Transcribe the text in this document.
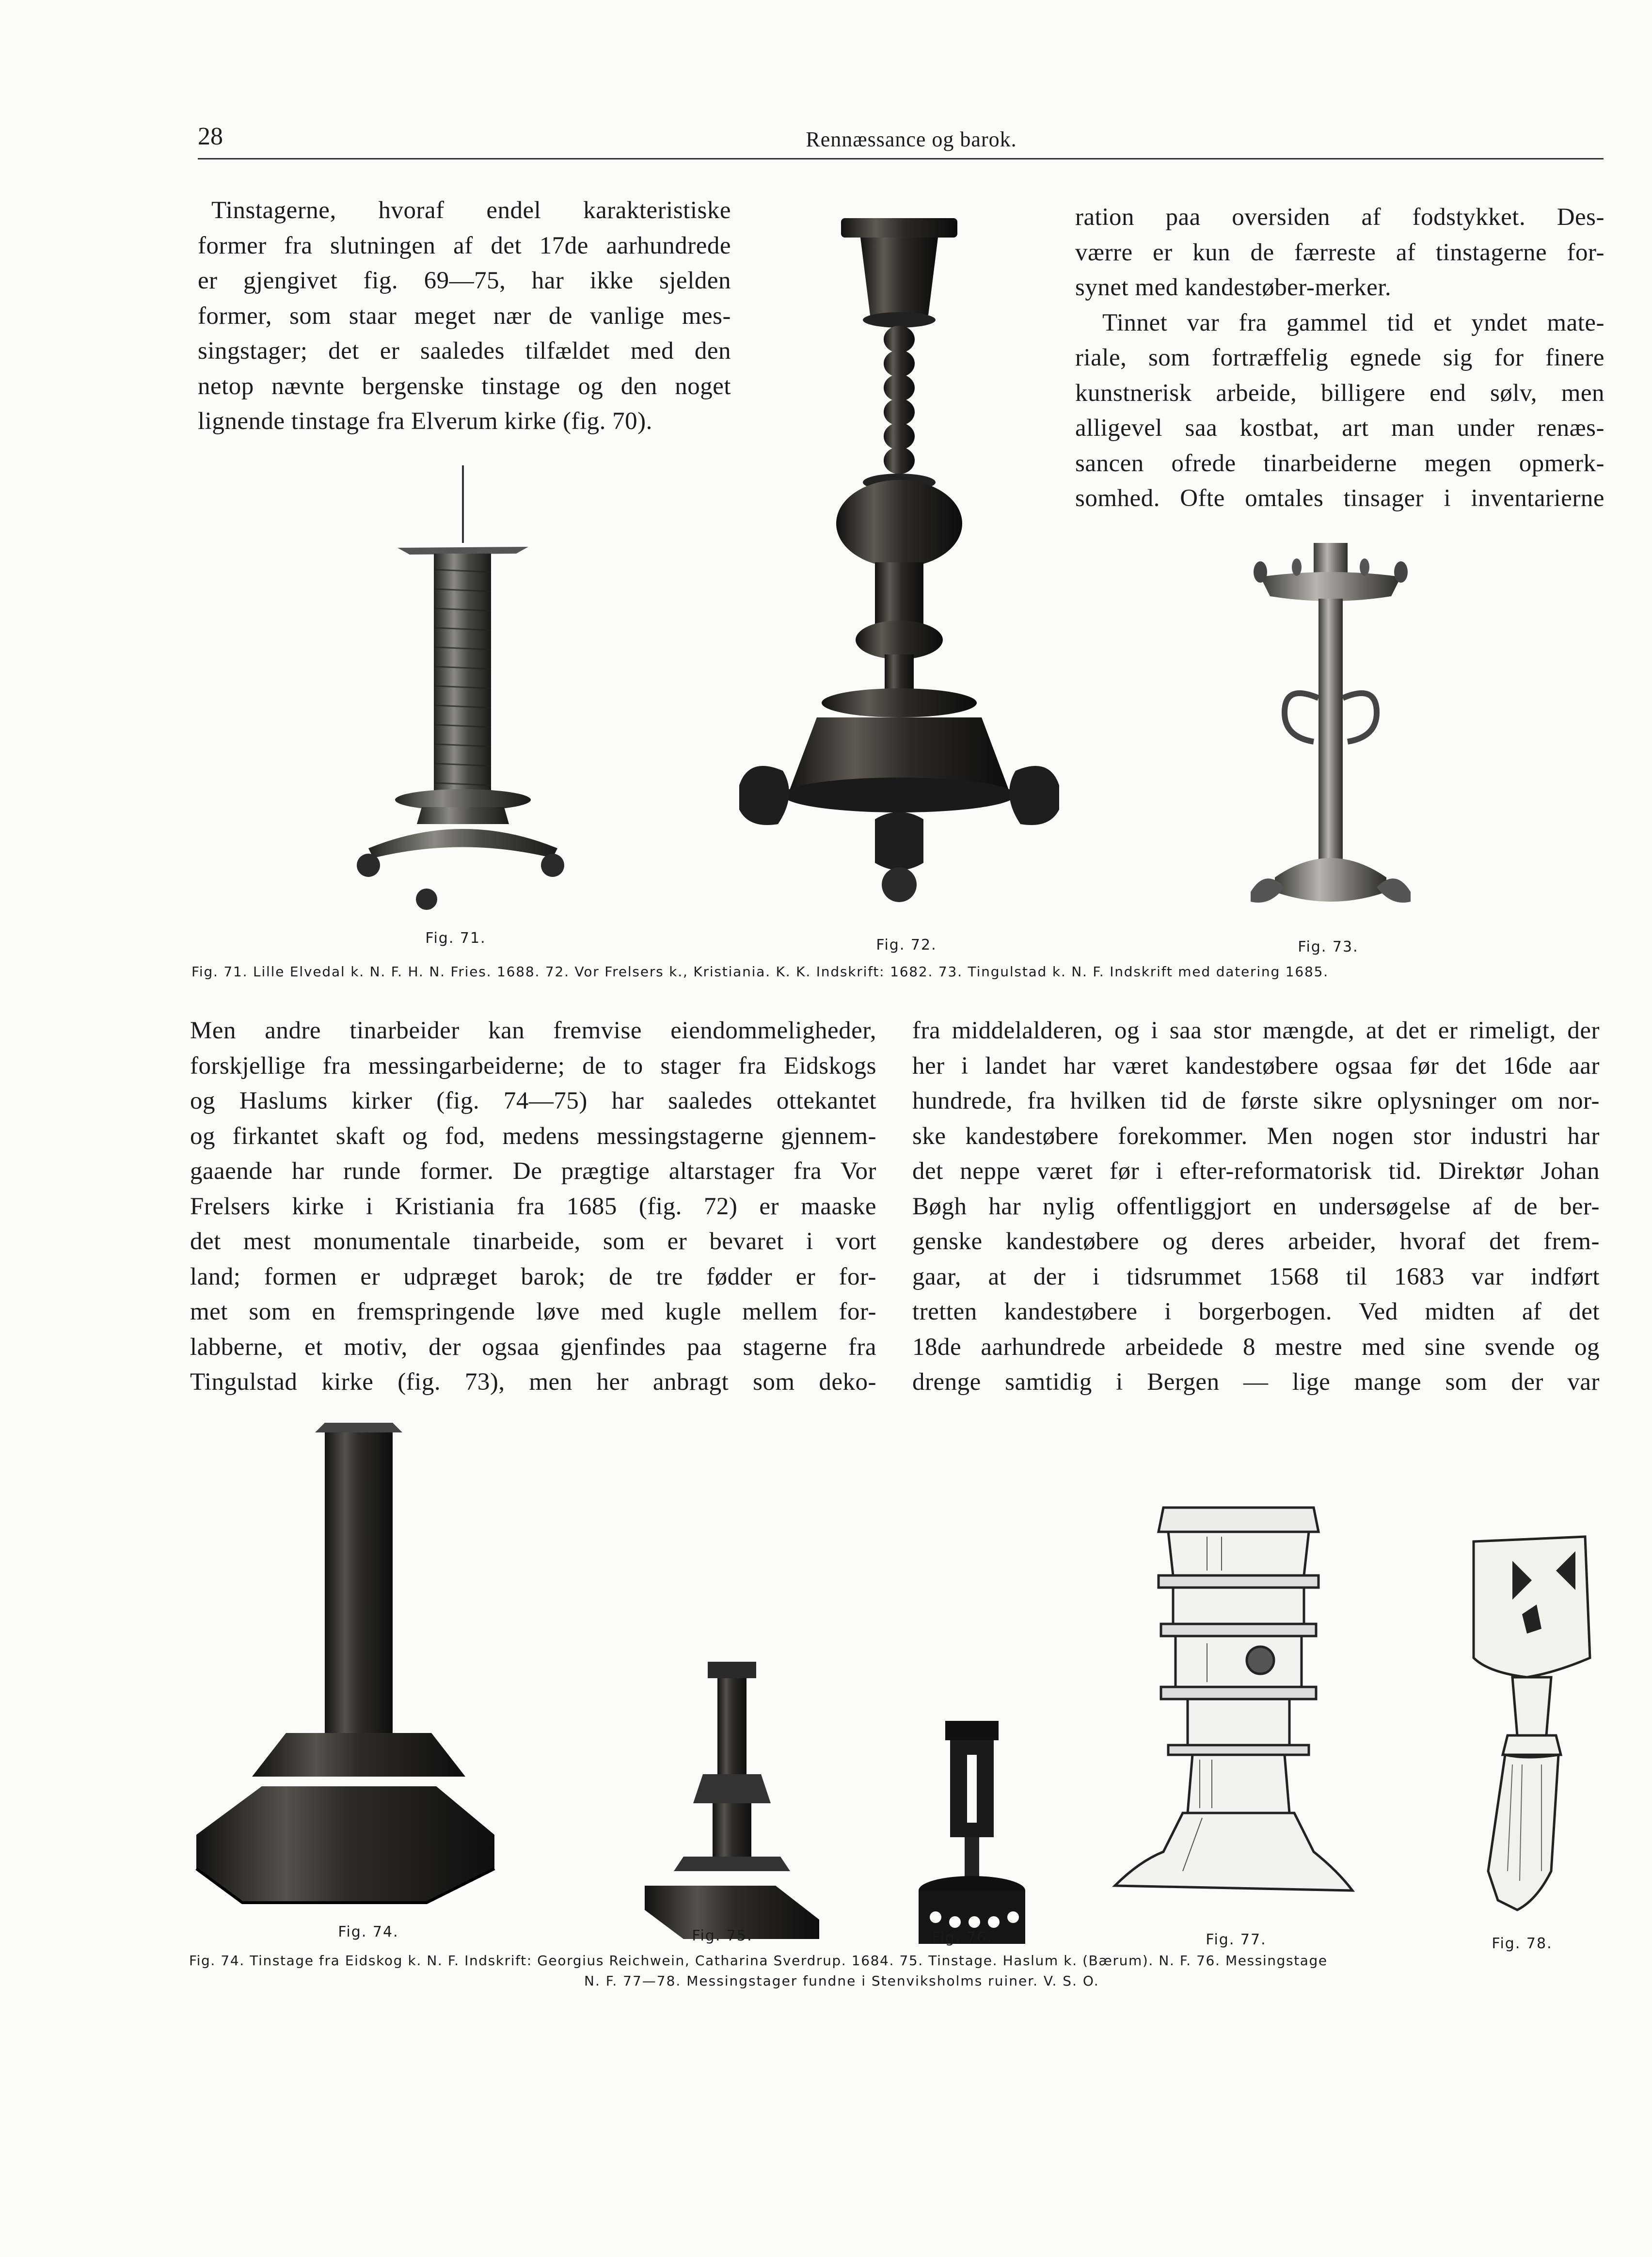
28	Rennæssance og barok.
Tinstagerne, hvoraf endel karakteristiske
former fra slutningen af det 17de aarhundrede
er gjengivet fig. 69—75, har ikke sjelden
former, som staar meget nær de vanlige mes-
singstager; det er saaledes tilfældet med den
netop nævnte bergenske tinstage og den noget
lignende tinstage fra Elverum kirke (fig. 70).
ration paa oversiden af fodstykket. Des-
værre er kun de færreste af tinstagerne for-
synet med kandestøber-merker.
Tinnet var fra gammel tid et yndet mate-
riale, som fortræffelig egnede sig for finere
kunstnerisk arbeide, billigere end sølv, men
alligevel saa kostbat, art man under renæs-
sancen ofrede tinarbeiderne megen opmerk-
somhed. Ofte omtales tinsager i inventarierne
Fig. 71.	Fig. 72.	Fig. 73.
Fig. 71. Lille Elvedal k. N. F. H. N. Fries. 1688. 72. Vor Frelsers k., Kristiania. K. K. Indskrift: 1682. 73. Tingulstad k. N. F. Indskrift med datering 1685.
Men andre tinarbeider kan fremvise eiendommeligheder,
forskjellige fra messingarbeiderne; de to stager fra Eidskogs
og Haslums kirker (fig. 74—75) har saaledes ottekantet
og firkantet skaft og fod, medens messingstagerne gjennem-
gaaende har runde former. De prægtige altarstager fra Vor
Frelsers kirke i Kristiania fra 1685 (fig. 72) er maaske
det mest monumentale tinarbeide, som er bevaret i vort
land; formen er udpræget barok; de tre fødder er for-
met som en fremspringende løve med kugle mellem for-
labberne, et motiv, der ogsaa gjenfindes paa stagerne fra
Tingulstad kirke (fig. 73), men her anbragt som deko-
fra middelalderen, og i saa stor mængde, at det er rimeligt, der
her i landet har været kandestøbere ogsaa før det 16de aar
hundrede, fra hvilken tid de første sikre oplysninger om nor-
ske kandestøbere forekommer. Men nogen stor industri har
det neppe været før i efter-reformatorisk tid. Direktør Johan
Bøgh har nylig offentliggjort en undersøgelse af de ber-
genske kandestøbere og deres arbeider, hvoraf det frem-
gaar, at der i tidsrummet 1568 til 1683 var indført
tretten kandestøbere i borgerbogen. Ved midten af det
18de aarhundrede arbeidede 8 mestre med sine svende og
drenge samtidig i Bergen — lige mange som der var
Fig. 74.	Fig. 75.	Fig. 76.	Fig. 77.	Fig. 78.
Fig. 74. Tinstage fra Eidskog k. N. F. Indskrift: Georgius Reichwein, Catharina Sverdrup. 1684. 75. Tinstage. Haslum k. (Bærum). N. F. 76. Messingstage
N. F. 77—78. Messingstager fundne i Stenviksholms ruiner. V. S. O.
